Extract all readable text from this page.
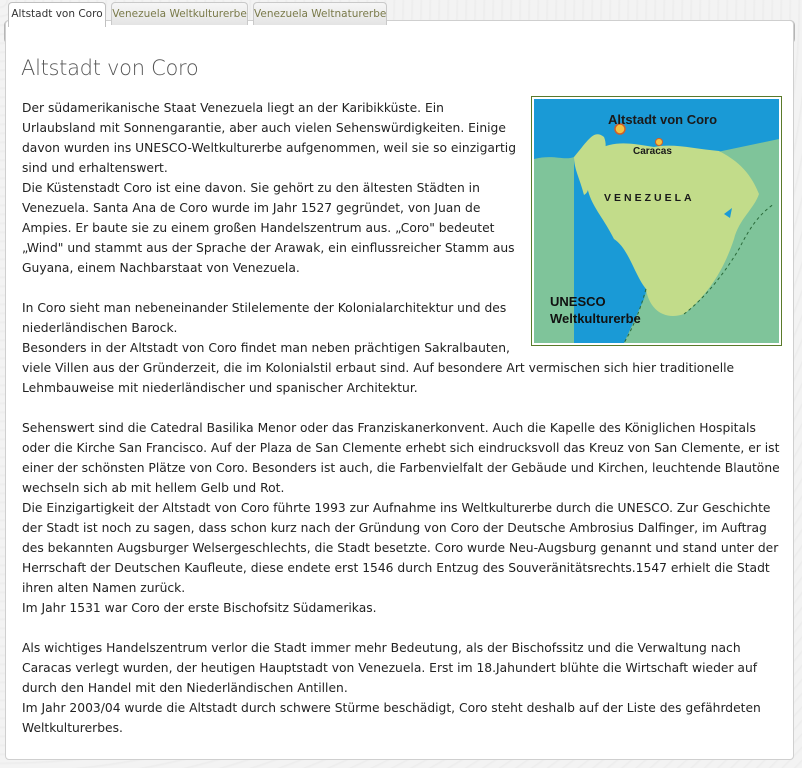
Altstadt von Coro Venezuela Weltkulturerbe Venezuela Weltnaturerbe
Altstadt von Coro
Altstadt von Coro
Caracas
VENEZUELA
UNESCO
Weltkulturerbe

Der südamerikanische Staat Venezuela liegt an der Karibikküste. Ein Urlaubsland mit Sonnengarantie, aber auch vielen Sehenswürdigkeiten. Einige davon wurden ins UNESCO-Weltkulturerbe aufgenommen, weil sie so einzigartig sind und erhaltenswert.

Die Küstenstadt Coro ist eine davon. Sie gehört zu den ältesten Städten in Venezuela. Santa Ana de Coro wurde im Jahr 1527 gegründet, von Juan de Ampies. Er baute sie zu einem großen Handelszentrum aus. „Coro" bedeutet „Wind" und stammt aus der Sprache der Arawak, ein einflussreicher Stamm aus Guyana, einem Nachbarstaat von Venezuela.

In Coro sieht man nebeneinander Stilelemente der Kolonialarchitektur und des niederländischen Barock.

Besonders in der Altstadt von Coro findet man neben prächtigen Sakralbauten, viele Villen aus der Gründerzeit, die im Kolonialstil erbaut sind. Auf besondere Art vermischen sich hier traditionelle Lehmbauweise mit niederländischer und spanischer Architektur.

Sehenswert sind die Catedral Basilika Menor oder das Franziskanerkonvent. Auch die Kapelle des Königlichen Hospitals oder die Kirche San Francisco. Auf der Plaza de San Clemente erhebt sich eindrucksvoll das Kreuz von San Clemente, er ist einer der schönsten Plätze von Coro. Besonders ist auch, die Farbenvielfalt der Gebäude und Kirchen, leuchtende Blautöne wechseln sich ab mit hellem Gelb und Rot.

Die Einzigartigkeit der Altstadt von Coro führte 1993 zur Aufnahme ins Weltkulturerbe durch die UNESCO. Zur Geschichte der Stadt ist noch zu sagen, dass schon kurz nach der Gründung von Coro der Deutsche Ambrosius Dalfinger, im Auftrag des bekannten Augsburger Welsergeschlechts, die Stadt besetzte. Coro wurde Neu-Augsburg genannt und stand unter der Herrschaft der Deutschen Kaufleute, diese endete erst 1546 durch Entzug des Souveränitätsrechts.1547 erhielt die Stadt ihren alten Namen zurück.

Im Jahr 1531 war Coro der erste Bischofsitz Südamerikas.

Als wichtiges Handelszentrum verlor die Stadt immer mehr Bedeutung, als der Bischofssitz und die Verwaltung nach Caracas verlegt wurden, der heutigen Hauptstadt von Venezuela. Erst im 18.Jahundert blühte die Wirtschaft wieder auf durch den Handel mit den Niederländischen Antillen.

Im Jahr 2003/04 wurde die Altstadt durch schwere Stürme beschädigt, Coro steht deshalb auf der Liste des gefährdeten Weltkulturerbes.
